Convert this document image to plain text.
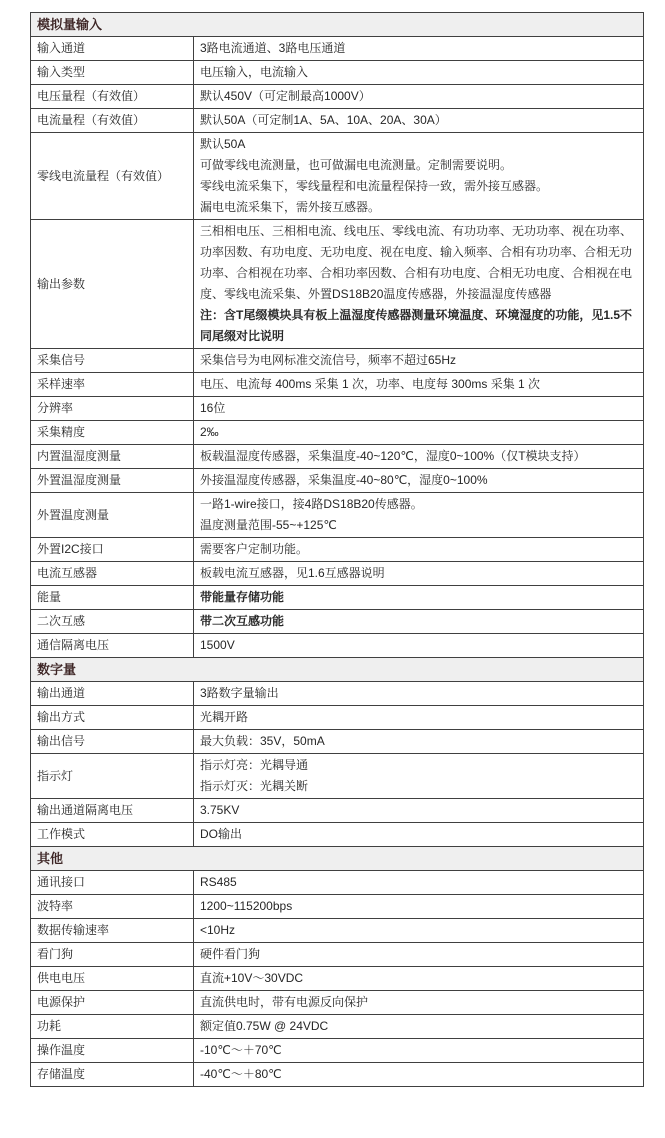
模拟量输入	
输入通道	3路电流通道、3路电压通道

输入类型	电压输入，电流输入

电压量程（有效值）	默认450V（可定制最高1000V）

电流量程（有效值）	默认50A（可定制1A、5A、10A、20A、30A）

零线电流量程（有效值）	默认50A
可做零线电流测量，也可做漏电电流测量。定制需要说明。
零线电流采集下，零线量程和电流量程保持一致，需外接互感器。
漏电电流采集下，需外接互感器。

输出参数	三相相电压、三相相电流、线电压、零线电流、有功功率、无功功率、视在功率、功率因数、有功电度、无功电度、视在电度、输入频率、合相有功功率、合相无功功率、合相视在功率、合相功率因数、合相有功电度、合相无功电度、合相视在电度、零线电流采集、外置DS18B20温度传感器，外接温湿度传感器
注：含T尾缀模块具有板上温湿度传感器测量环境温度、环境湿度的功能，见1.5不同尾缀对比说明

采集信号	采集信号为电网标准交流信号，频率不超过65Hz

采样速率	电压、电流每 400ms 采集 1 次，功率、电度每 300ms 采集 1 次

分辨率	16位

采集精度	2‰

内置温湿度测量	板载温湿度传感器，采集温度-40~120℃，湿度0~100%（仅T模块支持）

外置温湿度测量	外接温湿度传感器，采集温度-40~80℃，湿度0~100%

外置温度测量	一路1-wire接口，接4路DS18B20传感器。
温度测量范围-55~+125℃

外置I2C接口	需要客户定制功能。

电流互感器	板载电流互感器，见1.6互感器说明

能量	带能量存储功能

二次互感	带二次互感功能

通信隔离电压	1500V

数字量	
输出通道	3路数字量输出

输出方式	光耦开路

输出信号	最大负载：35V，50mA

指示灯	指示灯亮：光耦导通
指示灯灭：光耦关断

输出通道隔离电压	3.75KV

工作模式	DO输出

其他	
通讯接口	RS485

波特率	1200~115200bps

数据传输速率	<10Hz

看门狗	硬件看门狗

供电电压	直流+10V～30VDC

电源保护	直流供电时，带有电源反向保护

功耗	额定值0.75W @ 24VDC

操作温度	-10℃～＋70℃

存储温度	-40℃～＋80℃
